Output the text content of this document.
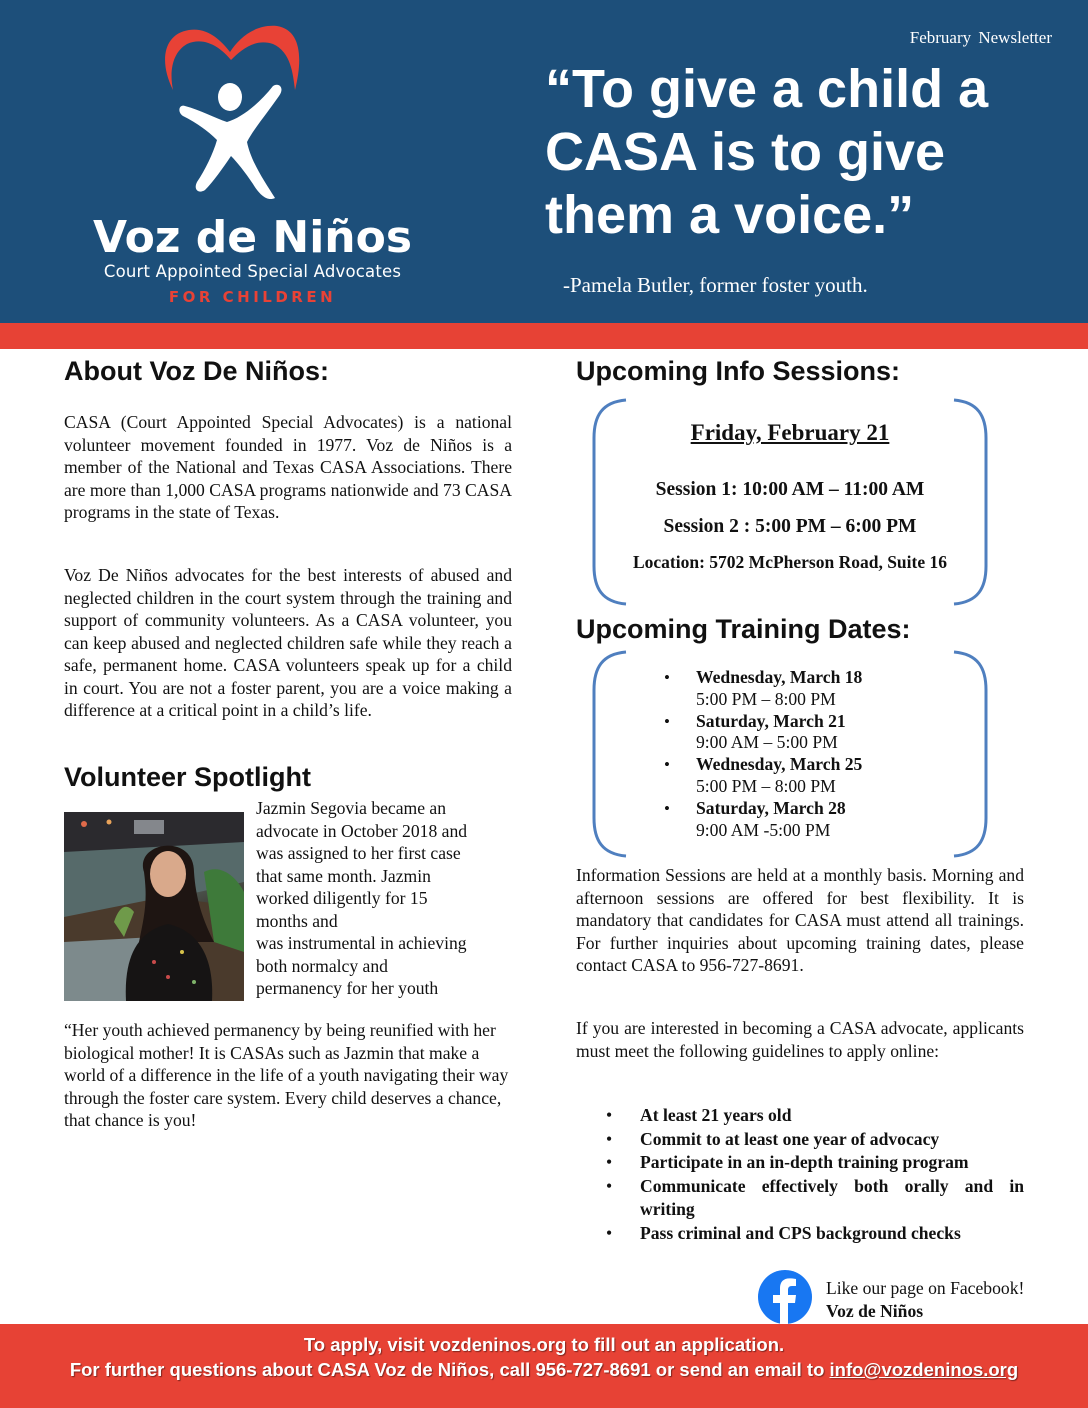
Voz de Niños
Court Appointed Special Advocates
FOR CHILDREN
February Newsletter
“To give a child a CASA is to give them a voice.”
-Pamela Butler, former foster youth.
About Voz De Niños:

CASA (Court Appointed Special Advocates) is a national volunteer movement founded in 1977. Voz de Niños is a member of the National and Texas CASA Associations. There are more than 1,000 CASA programs nationwide and 73 CASA programs in the state of Texas.

Voz De Niños advocates for the best interests of abused and neglected children in the court system through the training and support of community volunteers. As a CASA volunteer, you can keep abused and neglected children safe while they reach a safe, permanent home. CASA volunteers speak up for a child in court. You are not a foster parent, you are a voice making a difference at a critical point in a child’s life.

Volunteer Spotlight
Jazmin Segovia became an
advocate in October 2018 and
was assigned to her first case
that same month. Jazmin
worked diligently for 15
months and
was instrumental in achieving
both normalcy and
permanency for her youth

“Her youth achieved permanency by being reunified with her biological mother! It is CASAs such as Jazmin that make a world of a difference in the life of a youth navigating their way through the foster care system. Every child deserves a chance, that chance is you!

Upcoming Info Sessions:
Friday, February 21
Session 1: 10:00 AM – 11:00 AM
Session 2 : 5:00 PM – 6:00 PM
Location: 5702 McPherson Road, Suite 16
Upcoming Training Dates:
• Wednesday, March 18
5:00 PM – 8:00 PM
• Saturday, March 21
9:00 AM – 5:00 PM
• Wednesday, March 25
5:00 PM – 8:00 PM
• Saturday, March 28
9:00 AM -5:00 PM

Information Sessions are held at a monthly basis. Morning and afternoon sessions are offered for best flexibility. It is mandatory that candidates for CASA must attend all trainings. For further inquiries about upcoming training dates, please contact CASA to 956-727-8691.

If you are interested in becoming a CASA advocate, applicants must meet the following guidelines to apply online:

• At least 21 years old
• Commit to at least one year of advocacy
• Participate in an in-depth training program
• Communicate effectively both orally and in writing
• Pass criminal and CPS background checks
Like our page on Facebook!
Voz de Niños
To apply, visit vozdeninos.org to fill out an application.
For further questions about CASA Voz de Niños, call 956-727-8691 or send an email to info@vozdeninos.org
